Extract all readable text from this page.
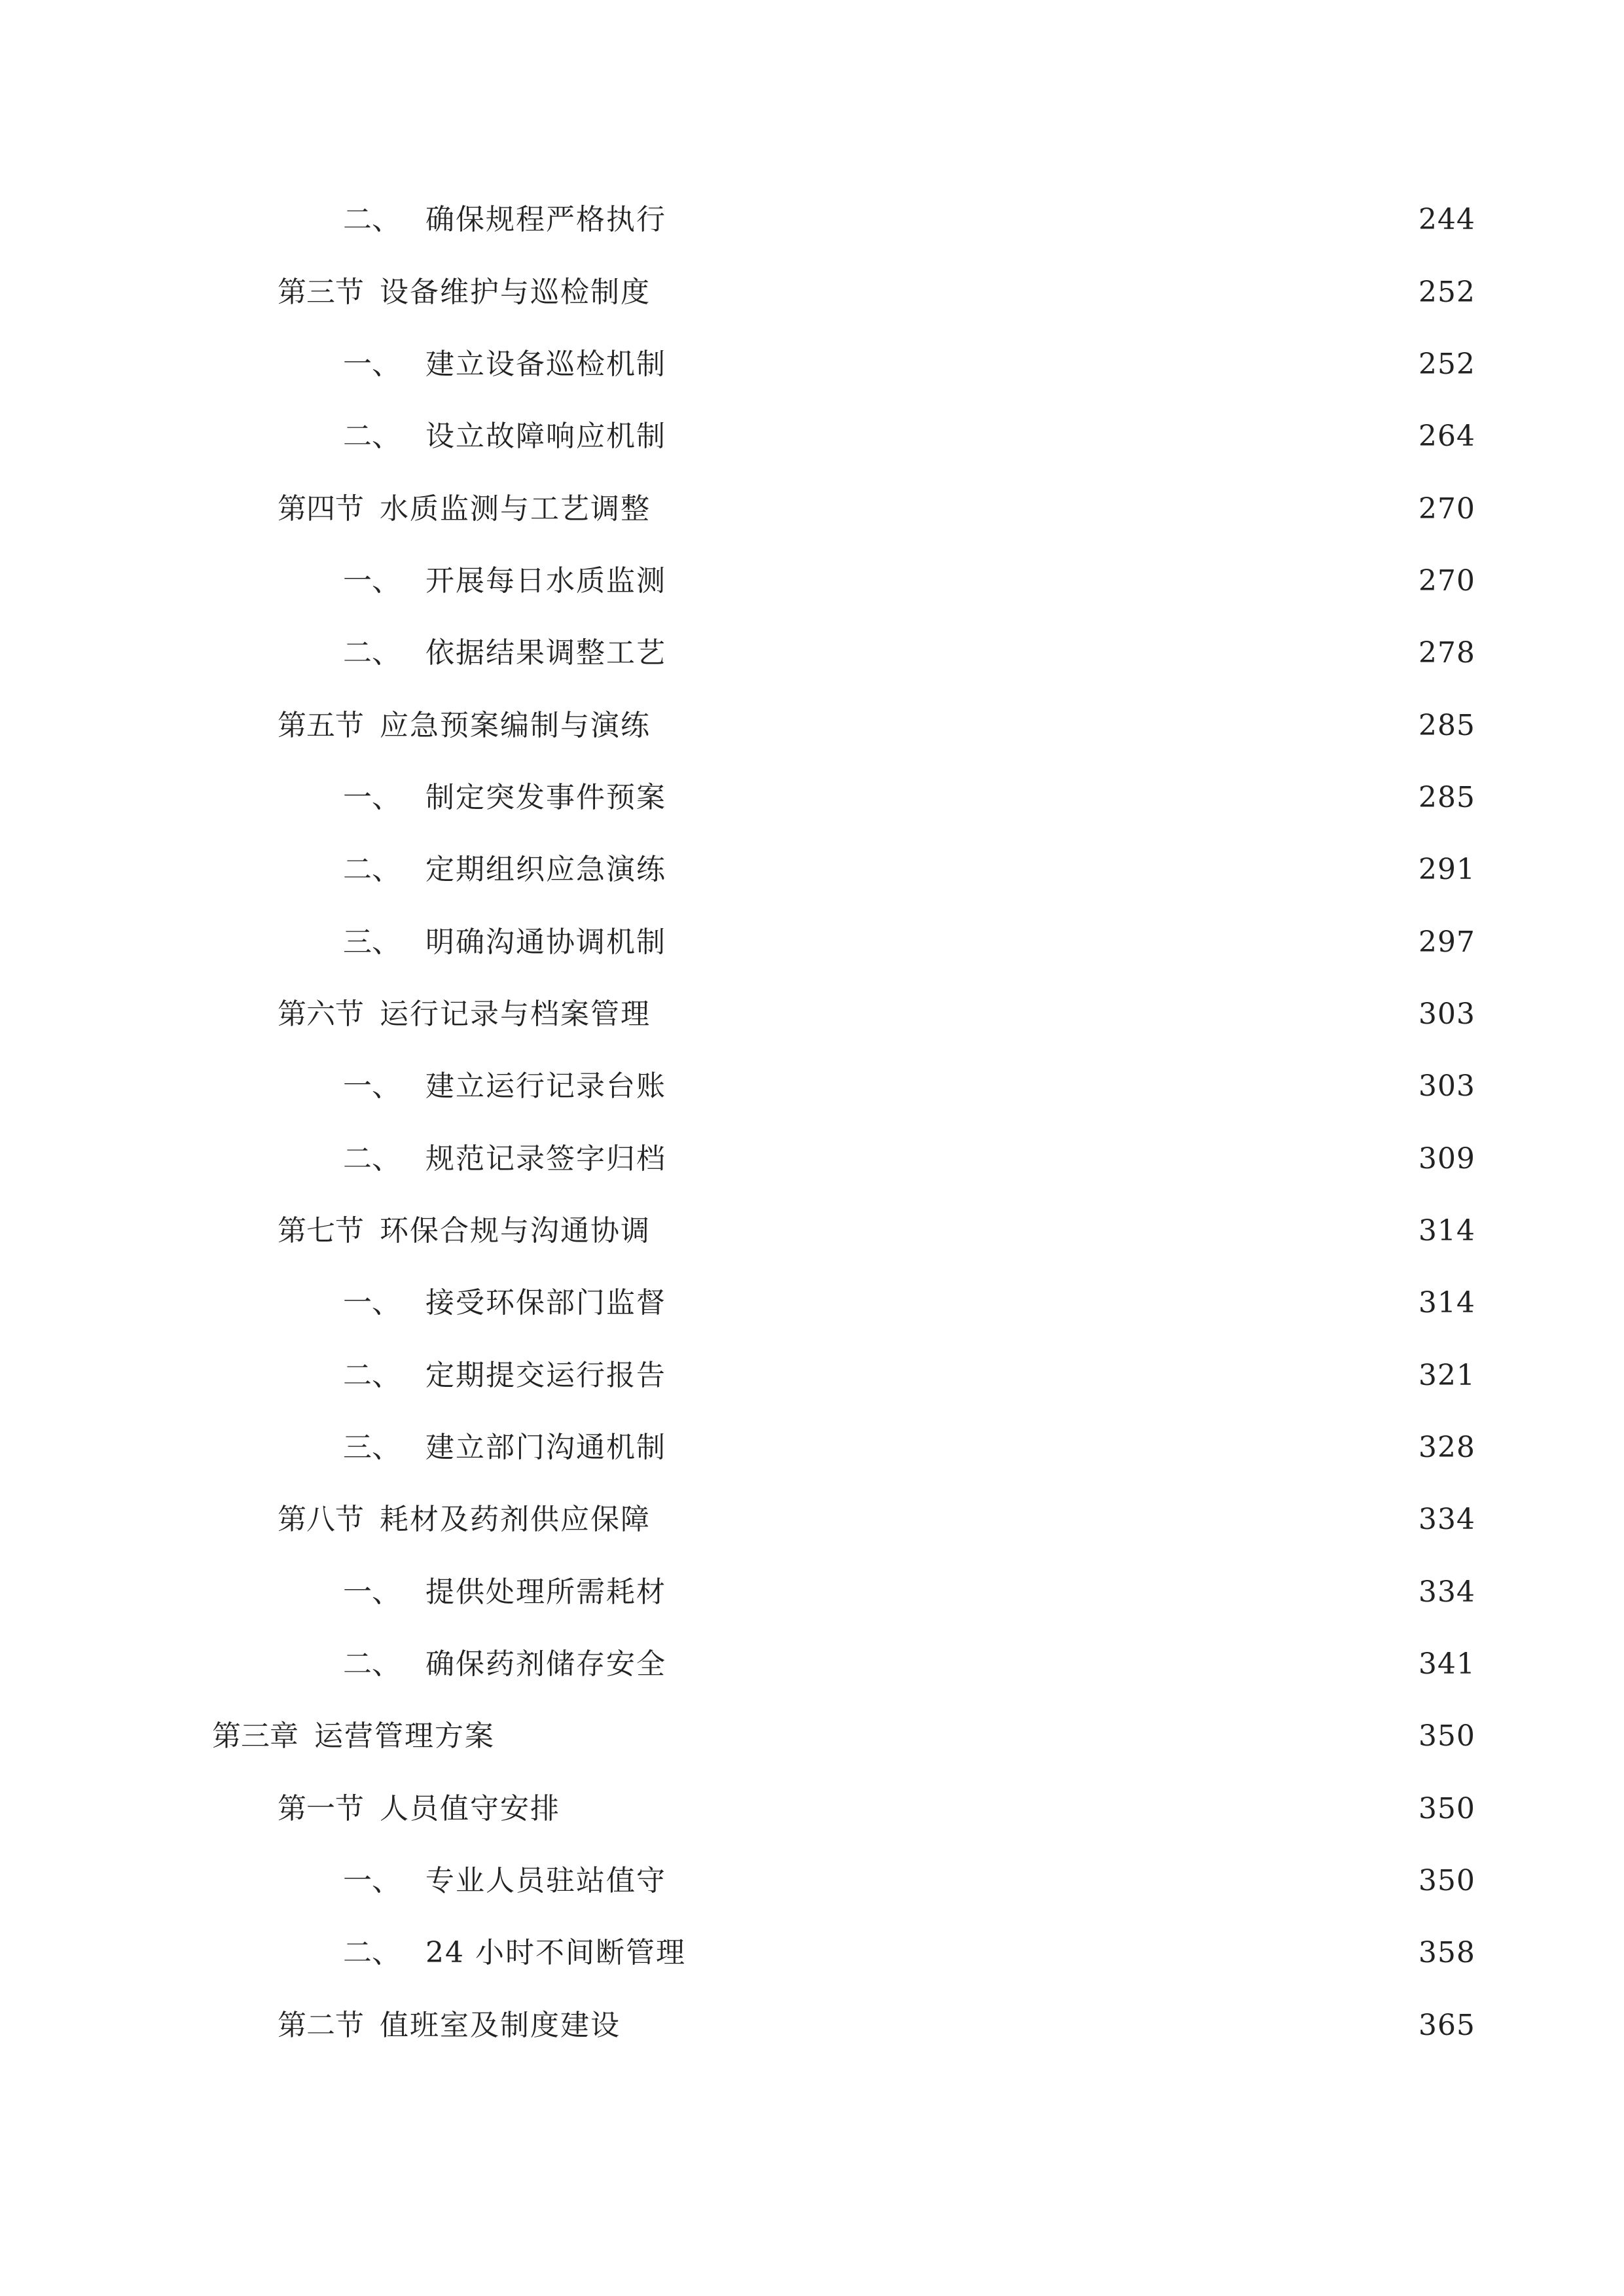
二、 确保规程严格执行	244
第三节 设备维护与巡检制度	252
一、 建立设备巡检机制	252
二、 设立故障响应机制	264
第四节 水质监测与工艺调整	270
一、 开展每日水质监测	270
二、 依据结果调整工艺	278
第五节 应急预案编制与演练	285
一、 制定突发事件预案	285
二、 定期组织应急演练	291
三、 明确沟通协调机制	297
第六节 运行记录与档案管理	303
一、 建立运行记录台账	303
二、 规范记录签字归档	309
第七节 环保合规与沟通协调	314
一、 接受环保部门监督	314
二、 定期提交运行报告	321
三、 建立部门沟通机制	328
第八节 耗材及药剂供应保障	334
一、 提供处理所需耗材	334
二、 确保药剂储存安全	341
第三章 运营管理方案	350
第一节 人员值守安排	350
一、 专业人员驻站值守	350
二、 24 小时不间断管理	358
第二节 值班室及制度建设	365
